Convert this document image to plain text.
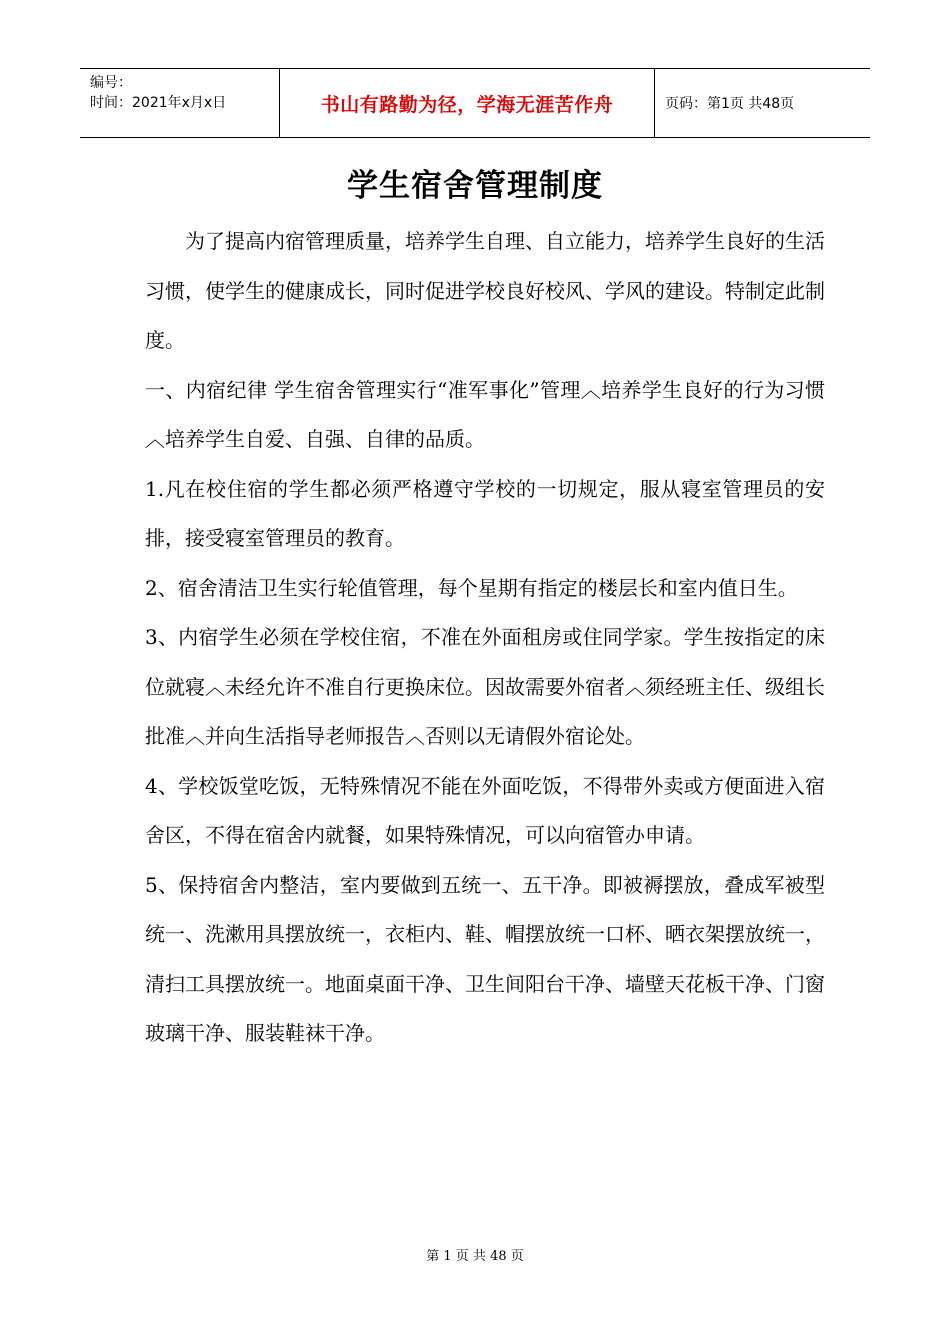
编号：
时间：2021年x月x日	书山有路勤为径，学海无涯苦作舟	页码：第1页 共48页
学生宿舍管理制度

为了提高内宿管理质量，培养学生自理、自立能力，培养学生良好的生活习惯，使学生的健康成长，同时促进学校良好校风、学风的建设。特制定此制度。

一、内宿纪律 学生宿舍管理实行“准军事化”管理︿培养学生良好的行为习惯︿培养学生自爱、自强、自律的品质。

1.凡在校住宿的学生都必须严格遵守学校的一切规定，服从寝室管理员的安排，接受寝室管理员的教育。

2、宿舍清洁卫生实行轮值管理，每个星期有指定的楼层长和室内值日生。

3、内宿学生必须在学校住宿，不准在外面租房或住同学家。学生按指定的床位就寝︿未经允许不准自行更换床位。因故需要外宿者︿须经班主任、级组长批准︿并向生活指导老师报告︿否则以无请假外宿论处。

4、学校饭堂吃饭，无特殊情况不能在外面吃饭，不得带外卖或方便面进入宿舍区，不得在宿舍内就餐，如果特殊情况，可以向宿管办申请。

5、保持宿舍内整洁，室内要做到五统一、五干净。即被褥摆放，叠成军被型统一、洗漱用具摆放统一，衣柜内、鞋、帽摆放统一口杯、晒衣架摆放统一，清扫工具摆放统一。地面桌面干净、卫生间阳台干净、墙壁天花板干净、门窗玻璃干净、服装鞋袜干净。

第 1 页 共 48 页
